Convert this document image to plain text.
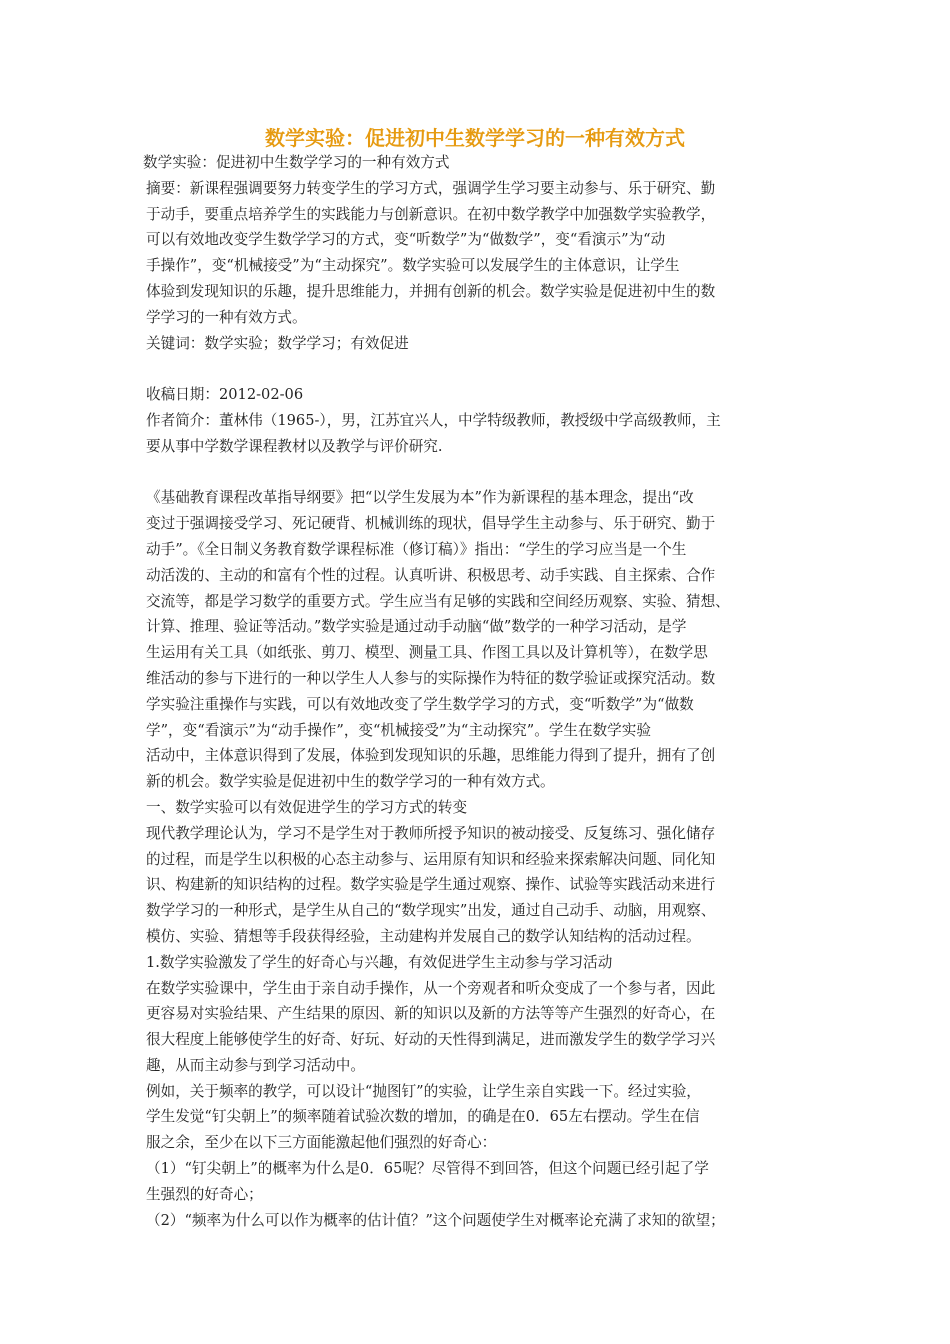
数学实验：促进初中生数学学习的一种有效方式
数学实验：促进初中生数学学习的一种有效方式
摘要：新课程强调要努力转变学生的学习方式，强调学生学习要主动参与、乐于研究、勤
于动手，要重点培养学生的实践能力与创新意识。在初中数学教学中加强数学实验教学，
可以有效地改变学生数学学习的方式，变“听数学”为“做数学”，变“看演示”为“动
手操作”，变“机械接受”为“主动探究”。数学实验可以发展学生的主体意识，让学生
体验到发现知识的乐趣，提升思维能力，并拥有创新的机会。数学实验是促进初中生的数
学学习的一种有效方式。
关键词：数学实验；数学学习；有效促进
收稿日期：2012-02-06
作者简介：董林伟（1965-），男，江苏宜兴人，中学特级教师，教授级中学高级教师，主
要从事中学数学课程教材以及教学与评价研究.
《基础教育课程改革指导纲要》把“以学生发展为本”作为新课程的基本理念，提出“改
变过于强调接受学习、死记硬背、机械训练的现状，倡导学生主动参与、乐于研究、勤于
动手”。《全日制义务教育数学课程标准（修订稿）》指出：“学生的学习应当是一个生
动活泼的、主动的和富有个性的过程。认真听讲、积极思考、动手实践、自主探索、合作
交流等，都是学习数学的重要方式。学生应当有足够的实践和空间经历观察、实验、猜想、
计算、推理、验证等活动。”数学实验是通过动手动脑“做”数学的一种学习活动，是学
生运用有关工具（如纸张、剪刀、模型、测量工具、作图工具以及计算机等），在数学思
维活动的参与下进行的一种以学生人人参与的实际操作为特征的数学验证或探究活动。数
学实验注重操作与实践，可以有效地改变了学生数学学习的方式，变“听数学”为“做数
学”，变“看演示”为“动手操作”，变“机械接受”为“主动探究”。学生在数学实验
活动中，主体意识得到了发展，体验到发现知识的乐趣，思维能力得到了提升，拥有了创
新的机会。数学实验是促进初中生的数学学习的一种有效方式。
一、数学实验可以有效促进学生的学习方式的转变
现代教学理论认为，学习不是学生对于教师所授予知识的被动接受、反复练习、强化储存
的过程，而是学生以积极的心态主动参与、运用原有知识和经验来探索解决问题、同化知
识、构建新的知识结构的过程。数学实验是学生通过观察、操作、试验等实践活动来进行
数学学习的一种形式，是学生从自己的“数学现实”出发，通过自己动手、动脑，用观察、
模仿、实验、猜想等手段获得经验，主动建构并发展自己的数学认知结构的活动过程。
1.数学实验激发了学生的好奇心与兴趣，有效促进学生主动参与学习活动
在数学实验课中，学生由于亲自动手操作，从一个旁观者和听众变成了一个参与者，因此
更容易对实验结果、产生结果的原因、新的知识以及新的方法等等产生强烈的好奇心，在
很大程度上能够使学生的好奇、好玩、好动的天性得到满足，进而激发学生的数学学习兴
趣，从而主动参与到学习活动中。
例如，关于频率的教学，可以设计“抛图钉”的实验，让学生亲自实践一下。经过实验，
学生发觉“钉尖朝上”的频率随着试验次数的增加，的确是在0．65左右摆动。学生在信
服之余，至少在以下三方面能激起他们强烈的好奇心：
（1）“钉尖朝上”的概率为什么是0．65呢？尽管得不到回答，但这个问题已经引起了学
生强烈的好奇心；
（2）“频率为什么可以作为概率的估计值？”这个问题使学生对概率论充满了求知的欲望；
